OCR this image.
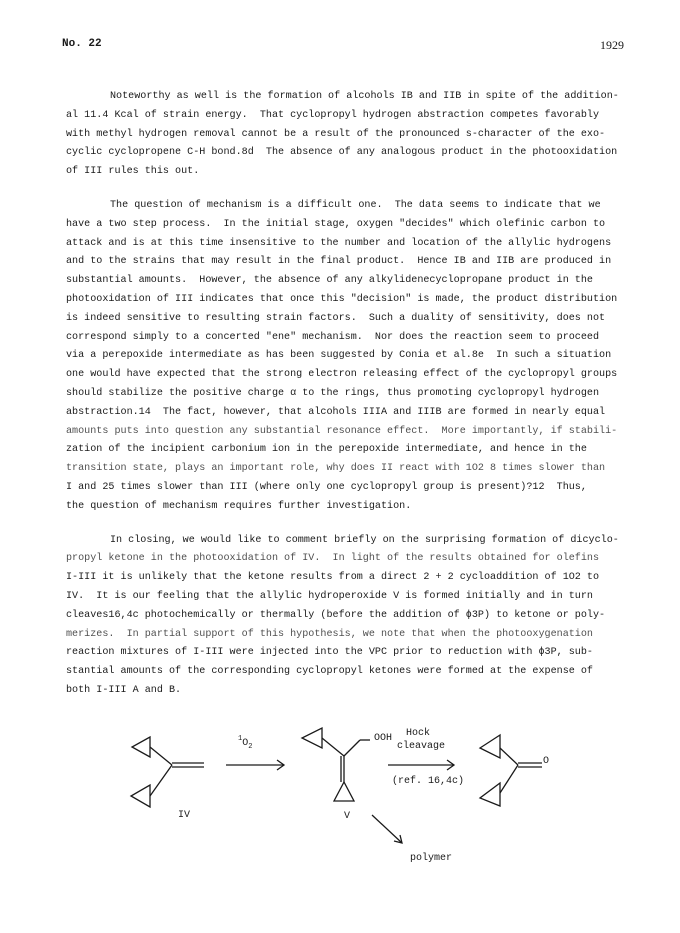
No. 22	1929
Noteworthy as well is the formation of alcohols IB and IIB in spite of the addition-
al 11.4 Kcal of strain energy.  That cyclopropyl hydrogen abstraction competes favorably
with methyl hydrogen removal cannot be a result of the pronounced s-character of the exo-
cyclic cyclopropene C-H bond.8d  The absence of any analogous product in the photooxidation
of III rules this out.
The question of mechanism is a difficult one.  The data seems to indicate that we
have a two step process.  In the initial stage, oxygen "decides" which olefinic carbon to
attack and is at this time insensitive to the number and location of the allylic hydrogens
and to the strains that may result in the final product.  Hence IB and IIB are produced in
substantial amounts.  However, the absence of any alkylidenecyclopropane product in the
photooxidation of III indicates that once this "decision" is made, the product distribution
is indeed sensitive to resulting strain factors.  Such a duality of sensitivity, does not
correspond simply to a concerted "ene" mechanism.  Nor does the reaction seem to proceed
via a perepoxide intermediate as has been suggested by Conia et al.8e  In such a situation
one would have expected that the strong electron releasing effect of the cyclopropyl groups
should stabilize the positive charge α to the rings, thus promoting cyclopropyl hydrogen
abstraction.14  The fact, however, that alcohols IIIA and IIIB are formed in nearly equal
amounts puts into question any substantial resonance effect.  More importantly, if stabili-
zation of the incipient carbonium ion in the perepoxide intermediate, and hence in the
transition state, plays an important role, why does II react with 1O2 8 times slower than
I and 25 times slower than III (where only one cyclopropyl group is present)?12  Thus,
the question of mechanism requires further investigation.
In closing, we would like to comment briefly on the surprising formation of dicyclo-
propyl ketone in the photooxidation of IV.  In light of the results obtained for olefins
I-III it is unlikely that the ketone results from a direct 2 + 2 cycloaddition of 1O2 to
IV.  It is our feeling that the allylic hydroperoxide V is formed initially and in turn
cleaves16,4c photochemically or thermally (before the addition of ϕ3P) to ketone or poly-
merizes.  In partial support of this hypothesis, we note that when the photooxygenation
reaction mixtures of I-III were injected into the VPC prior to reduction with ϕ3P, sub-
stantial amounts of the corresponding cyclopropyl ketones were formed at the expense of
both I-III A and B.
IV	V
$^1O_2$
OOH Hock
cleavage
(ref. 16,4c)
O
polymer
